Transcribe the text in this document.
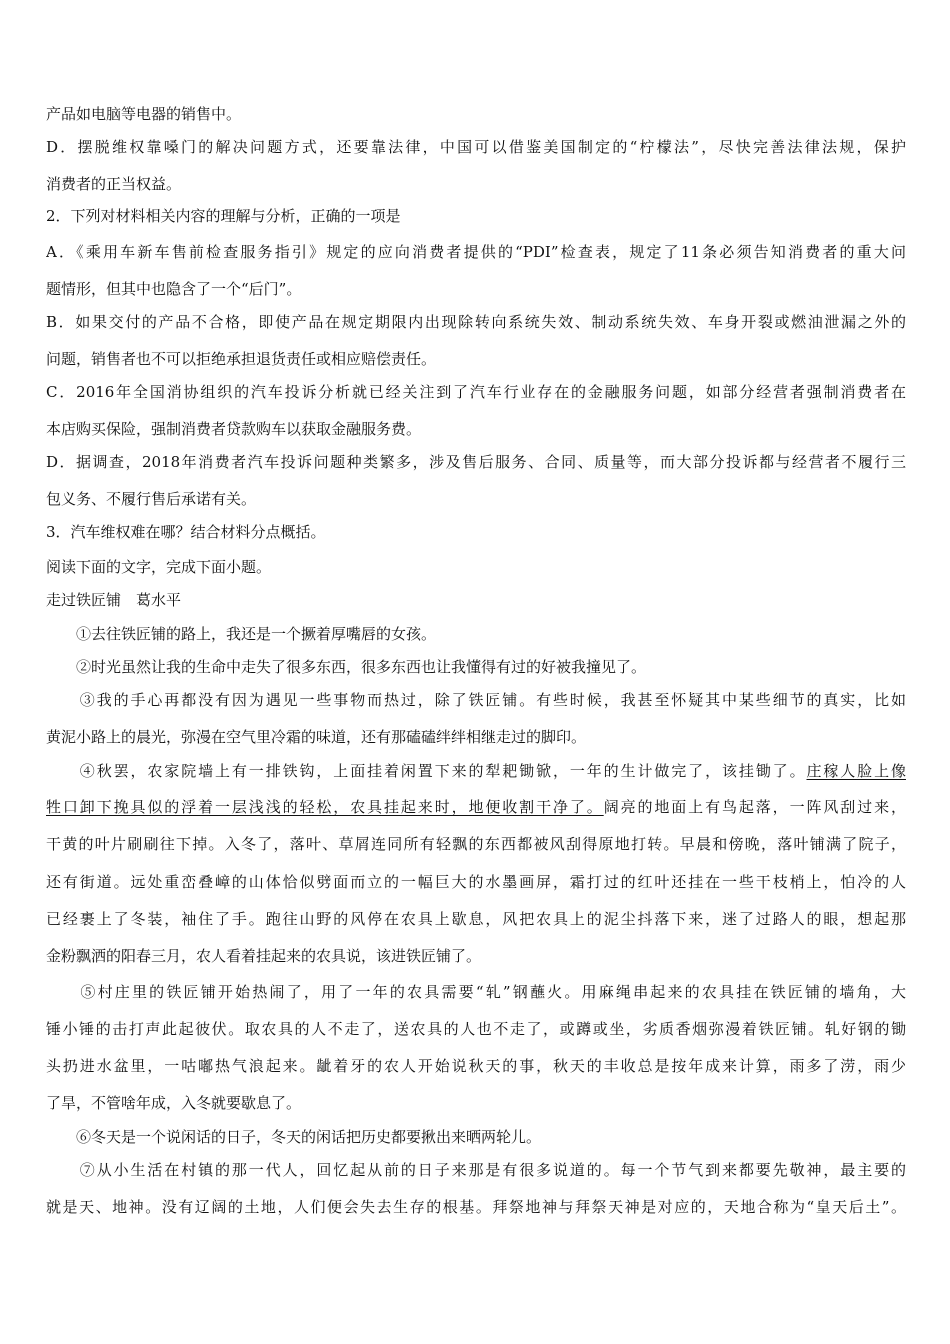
产品如电脑等电器的销售中。
D．摆脱维权靠嗓门的解决问题方式，还要靠法律，中国可以借鉴美国制定的“柠檬法”，尽快完善法律法规，保护
消费者的正当权益。
2．下列对材料相关内容的理解与分析，正确的一项是
A．《乘用车新车售前检查服务指引》规定的应向消费者提供的“PDI”检查表，规定了11条必须告知消费者的重大问
题情形，但其中也隐含了一个“后门”。
B．如果交付的产品不合格，即使产品在规定期限内出现除转向系统失效、制动系统失效、车身开裂或燃油泄漏之外的
问题，销售者也不可以拒绝承担退货责任或相应赔偿责任。
C．2016年全国消协组织的汽车投诉分析就已经关注到了汽车行业存在的金融服务问题，如部分经营者强制消费者在
本店购买保险，强制消费者贷款购车以获取金融服务费。
D．据调查，2018年消费者汽车投诉问题种类繁多，涉及售后服务、合同、质量等，而大部分投诉都与经营者不履行三
包义务、不履行售后承诺有关。
3．汽车维权难在哪？结合材料分点概括。
阅读下面的文字，完成下面小题。
走过铁匠铺　葛水平
　　①去往铁匠铺的路上，我还是一个撅着厚嘴唇的女孩。
　　②时光虽然让我的生命中走失了很多东西，很多东西也让我懂得有过的好被我撞见了。
　　③我的手心再都没有因为遇见一些事物而热过，除了铁匠铺。有些时候，我甚至怀疑其中某些细节的真实，比如
黄泥小路上的晨光，弥漫在空气里冷霜的味道，还有那磕磕绊绊相继走过的脚印。
　　④秋罢，农家院墙上有一排铁钩，上面挂着闲置下来的犁耙锄锨，一年的生计做完了，该挂锄了。庄稼人脸上像
牲口卸下挽具似的浮着一层浅浅的轻松，农具挂起来时，地便收割干净了。阔亮的地面上有鸟起落，一阵风刮过来，
干黄的叶片刷刷往下掉。入冬了，落叶、草屑连同所有轻飘的东西都被风刮得原地打转。早晨和傍晚，落叶铺满了院子，
还有街道。远处重峦叠嶂的山体恰似劈面而立的一幅巨大的水墨画屏，霜打过的红叶还挂在一些干枝梢上，怕冷的人
已经裹上了冬装，袖住了手。跑往山野的风停在农具上歇息，风把农具上的泥尘抖落下来，迷了过路人的眼，想起那
金粉飘洒的阳春三月，农人看着挂起来的农具说，该进铁匠铺了。
　　⑤村庄里的铁匠铺开始热闹了，用了一年的农具需要“轧”钢蘸火。用麻绳串起来的农具挂在铁匠铺的墙角，大
锤小锤的击打声此起彼伏。取农具的人不走了，送农具的人也不走了，或蹲或坐，劣质香烟弥漫着铁匠铺。轧好钢的锄
头扔进水盆里，一咕嘟热气浪起来。龇着牙的农人开始说秋天的事，秋天的丰收总是按年成来计算，雨多了涝，雨少
了旱，不管啥年成，入冬就要歇息了。
　　⑥冬天是一个说闲话的日子，冬天的闲话把历史都要揪出来晒两轮儿。
　　⑦从小生活在村镇的那一代人，回忆起从前的日子来那是有很多说道的。每一个节气到来都要先敬神，最主要的
就是天、地神。没有辽阔的土地，人们便会失去生存的根基。拜祭地神与拜祭天神是对应的，天地合称为“皇天后土”。
